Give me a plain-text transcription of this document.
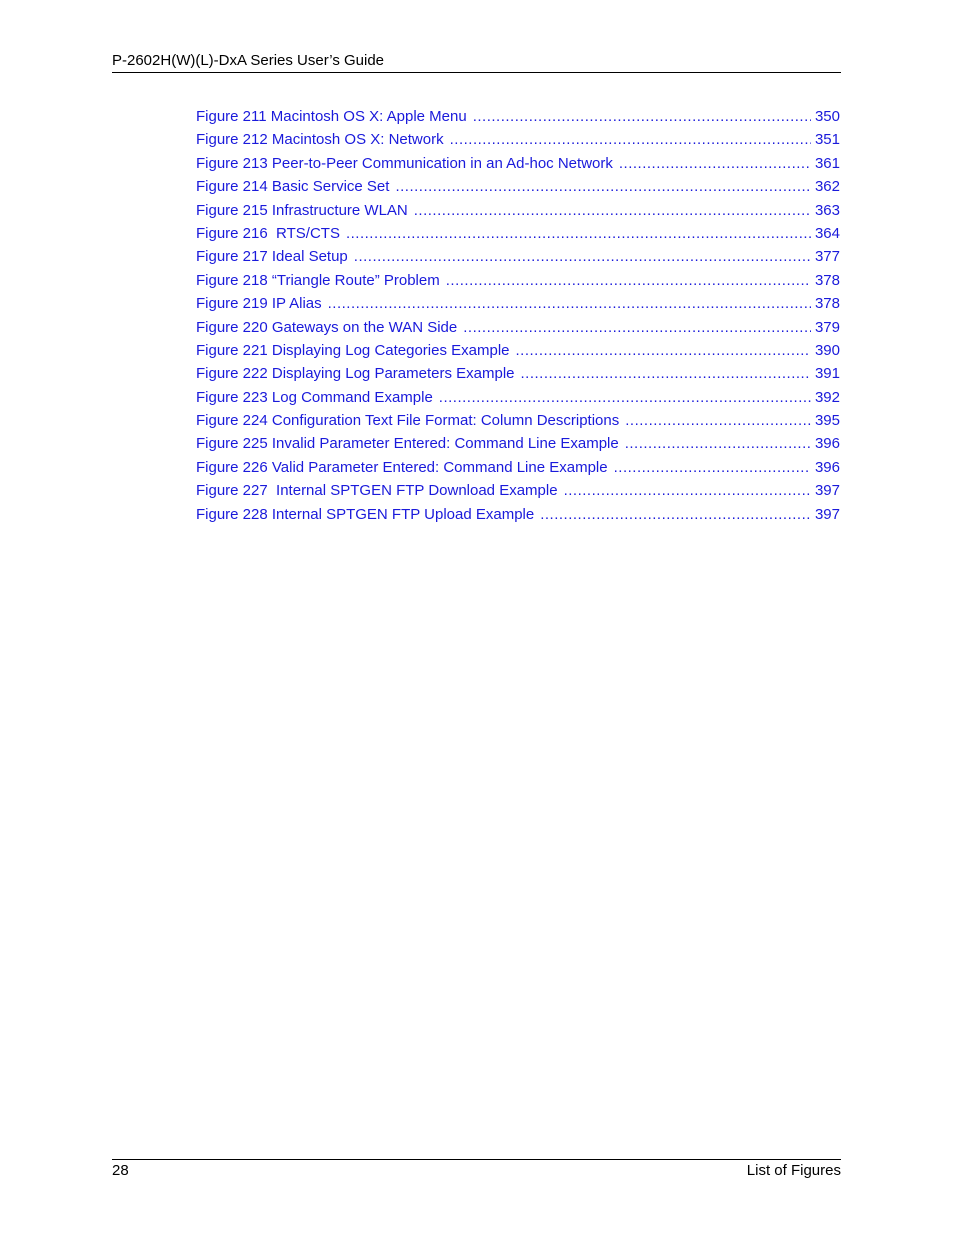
P-2602H(W)(L)-DxA Series User’s Guide
Figure 211 Macintosh OS X: Apple Menu .....	350
Figure 212 Macintosh OS X: Network .....	351
Figure 213 Peer-to-Peer Communication in an Ad-hoc Network .....	361
Figure 214 Basic Service Set .....	362
Figure 215 Infrastructure WLAN .....	363
Figure 216  RTS/CTS .....	364
Figure 217 Ideal Setup .....	377
Figure 218 “Triangle Route” Problem .....	378
Figure 219 IP Alias .....	378
Figure 220 Gateways on the WAN Side .....	379
Figure 221 Displaying Log Categories Example .....	390
Figure 222 Displaying Log Parameters Example .....	391
Figure 223 Log Command Example .....	392
Figure 224 Configuration Text File Format: Column Descriptions .....	395
Figure 225 Invalid Parameter Entered: Command Line Example .....	396
Figure 226 Valid Parameter Entered: Command Line Example .....	396
Figure 227  Internal SPTGEN FTP Download Example .....	397
Figure 228 Internal SPTGEN FTP Upload Example .....	397
28	List of Figures
